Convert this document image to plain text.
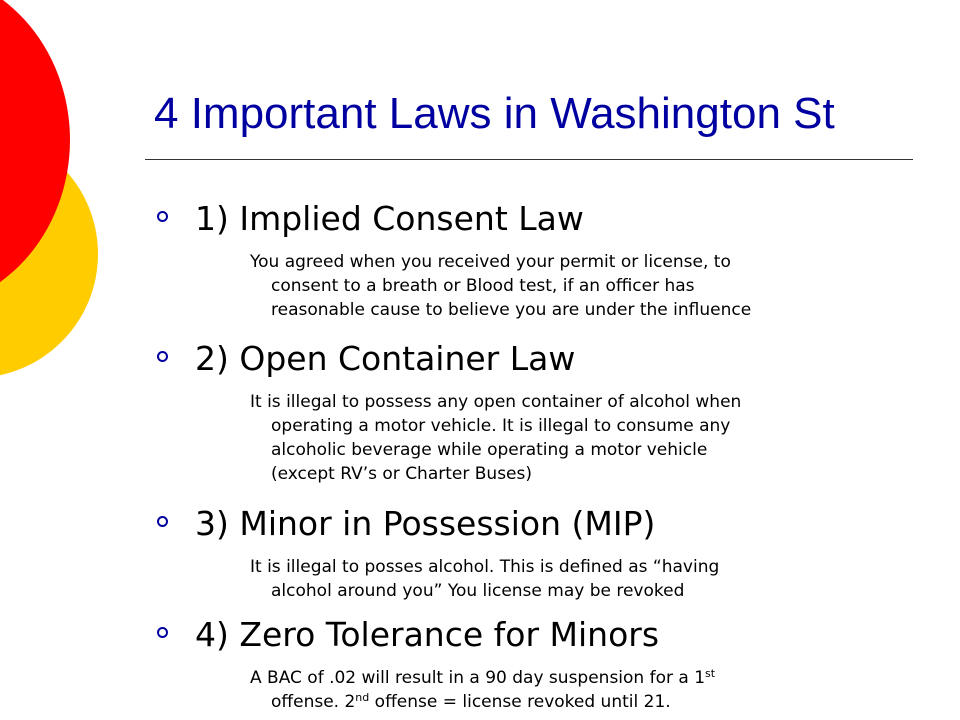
4 Important Laws in Washington St
1) Implied Consent Law
You agreed when you received your permit or license, to
consent to a breath or Blood test, if an officer has
reasonable cause to believe you are under the influence
2) Open Container Law
It is illegal to possess any open container of alcohol when
operating a motor vehicle. It is illegal to consume any
alcoholic beverage while operating a motor vehicle
(except RV’s or Charter Buses)
3) Minor in Possession (MIP)
It is illegal to posses alcohol. This is defined as “having
alcohol around you” You license may be revoked
4) Zero Tolerance for Minors
A BAC of .02 will result in a 90 day suspension for a 1st
offense. 2nd offense = license revoked until 21.
